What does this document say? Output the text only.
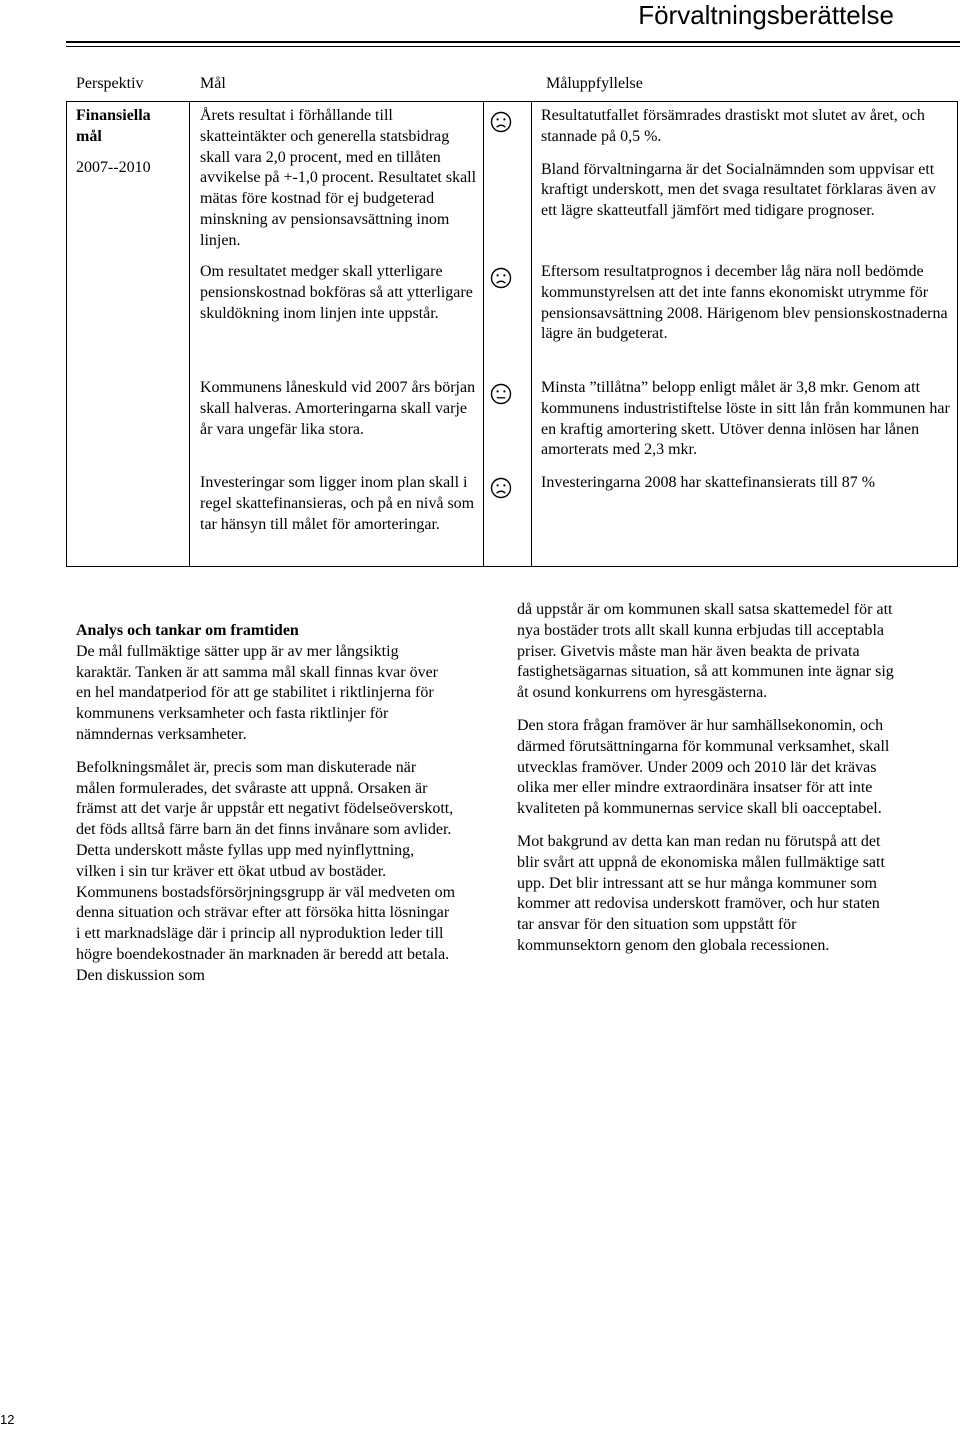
Förvaltningsberättelse
Perspektiv	Mål	Måluppfyllelse

Finansiella

mål

2007--2010

Årets resultat i förhållande till skatteintäkter och generella statsbidrag skall vara 2,0 procent, med en tillåten avvikelse på +-1,0 procent. Resultatet skall mätas före kostnad för ej budgeterad minskning av pensionsavsättning inom linjen.

Resultatutfallet försämrades drastiskt mot slutet av året, och stannade på 0,5 %.

Bland förvaltningarna är det Socialnämnden som uppvisar ett kraftigt underskott, men det svaga resultatet förklaras även av ett lägre skatteutfall jämfört med tidigare prognoser.

Om resultatet medger skall ytterligare pensionskostnad bokföras så att ytterligare skuldökning inom linjen inte uppstår.

Eftersom resultatprognos i december låg nära noll bedömde kommunstyrelsen att det inte fanns ekonomiskt utrymme för pensionsavsättning 2008. Härigenom blev pensionskostnaderna lägre än budgeterat.

Kommunens låneskuld vid 2007 års början skall halveras. Amorteringarna skall varje år vara ungefär lika stora.

Minsta ”tillåtna” belopp enligt målet är 3,8 mkr. Genom att kommunens industristiftelse löste in sitt lån från kommunen har en kraftig amortering skett. Utöver denna inlösen har lånen amorterats med 2,3 mkr.

Investeringar som ligger inom plan skall i regel skattefinansieras, och på en nivå som tar hänsyn till målet för amorteringar.

Investeringarna 2008 har skattefinansierats till 87 %

Analys och tankar om framtiden

De mål fullmäktige sätter upp är av mer långsiktig karaktär. Tanken är att samma mål skall finnas kvar över en hel mandatperiod för att ge stabilitet i riktlinjerna för kommunens verksamheter och fasta riktlinjer för nämndernas verksamheter.

Befolkningsmålet är, precis som man diskuterade när målen formulerades, det svåraste att uppnå. Orsaken är främst att det varje år uppstår ett negativt födelseöverskott, det föds alltså färre barn än det finns invånare som avlider. Detta underskott måste fyllas upp med nyinflyttning, vilken i sin tur kräver ett ökat utbud av bostäder. Kommunens bostadsförsörjningsgrupp är väl medveten om denna situation och strävar efter att försöka hitta lösningar i ett marknadsläge där i princip all nyproduktion leder till högre boendekostnader än marknaden är beredd att betala. Den diskussion som

då uppstår är om kommunen skall satsa skattemedel för att nya bostäder trots allt skall kunna erbjudas till acceptabla priser. Givetvis måste man här även beakta de privata fastighetsägarnas situation, så att kommunen inte ägnar sig åt osund konkurrens om hyresgästerna.

Den stora frågan framöver är hur samhällsekonomin, och därmed förutsättningarna för kommunal verksamhet, skall utvecklas framöver. Under 2009 och 2010 lär det krävas olika mer eller mindre extraordinära insatser för att inte kvaliteten på kommunernas service skall bli oacceptabel.

Mot bakgrund av detta kan man redan nu förutspå att det blir svårt att uppnå de ekonomiska målen fullmäktige satt upp. Det blir intressant att se hur många kommuner som kommer att redovisa underskott framöver, och hur staten tar ansvar för den situation som uppstått för kommunsektorn genom den globala recessionen.

12
